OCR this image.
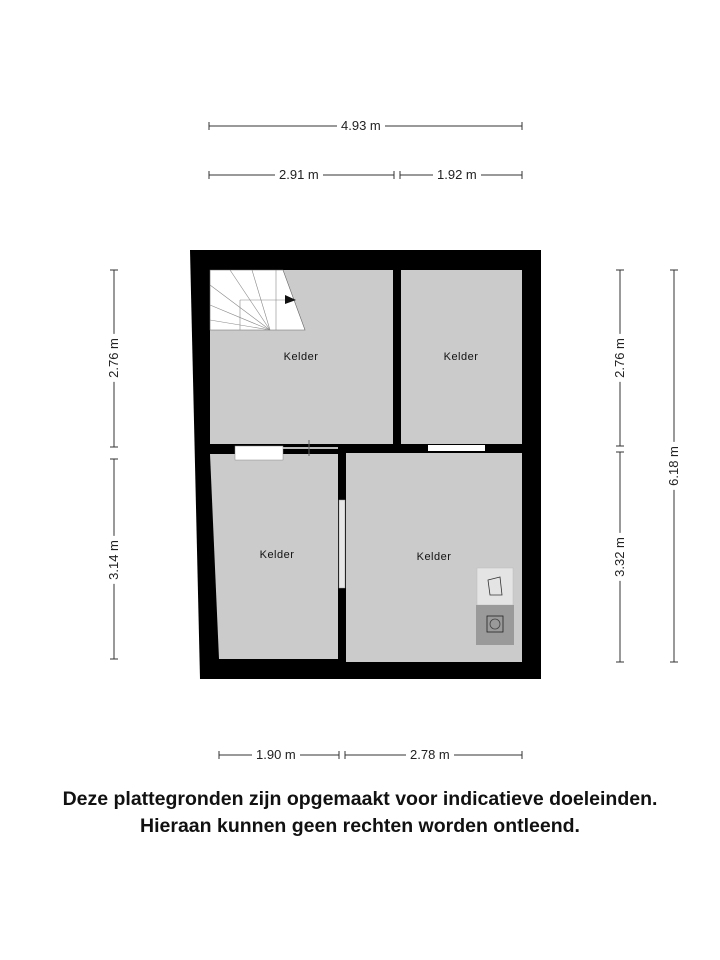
4.93 m
2.91 m	1.92 m
2.76 m
3.14 m
2.76 m
3.32 m
6.18 m
1.90 m	2.78 m
Kelder	Kelder
Kelder	Kelder
Deze plattegronden zijn opgemaakt voor indicatieve doeleinden.
Hieraan kunnen geen rechten worden ontleend.
